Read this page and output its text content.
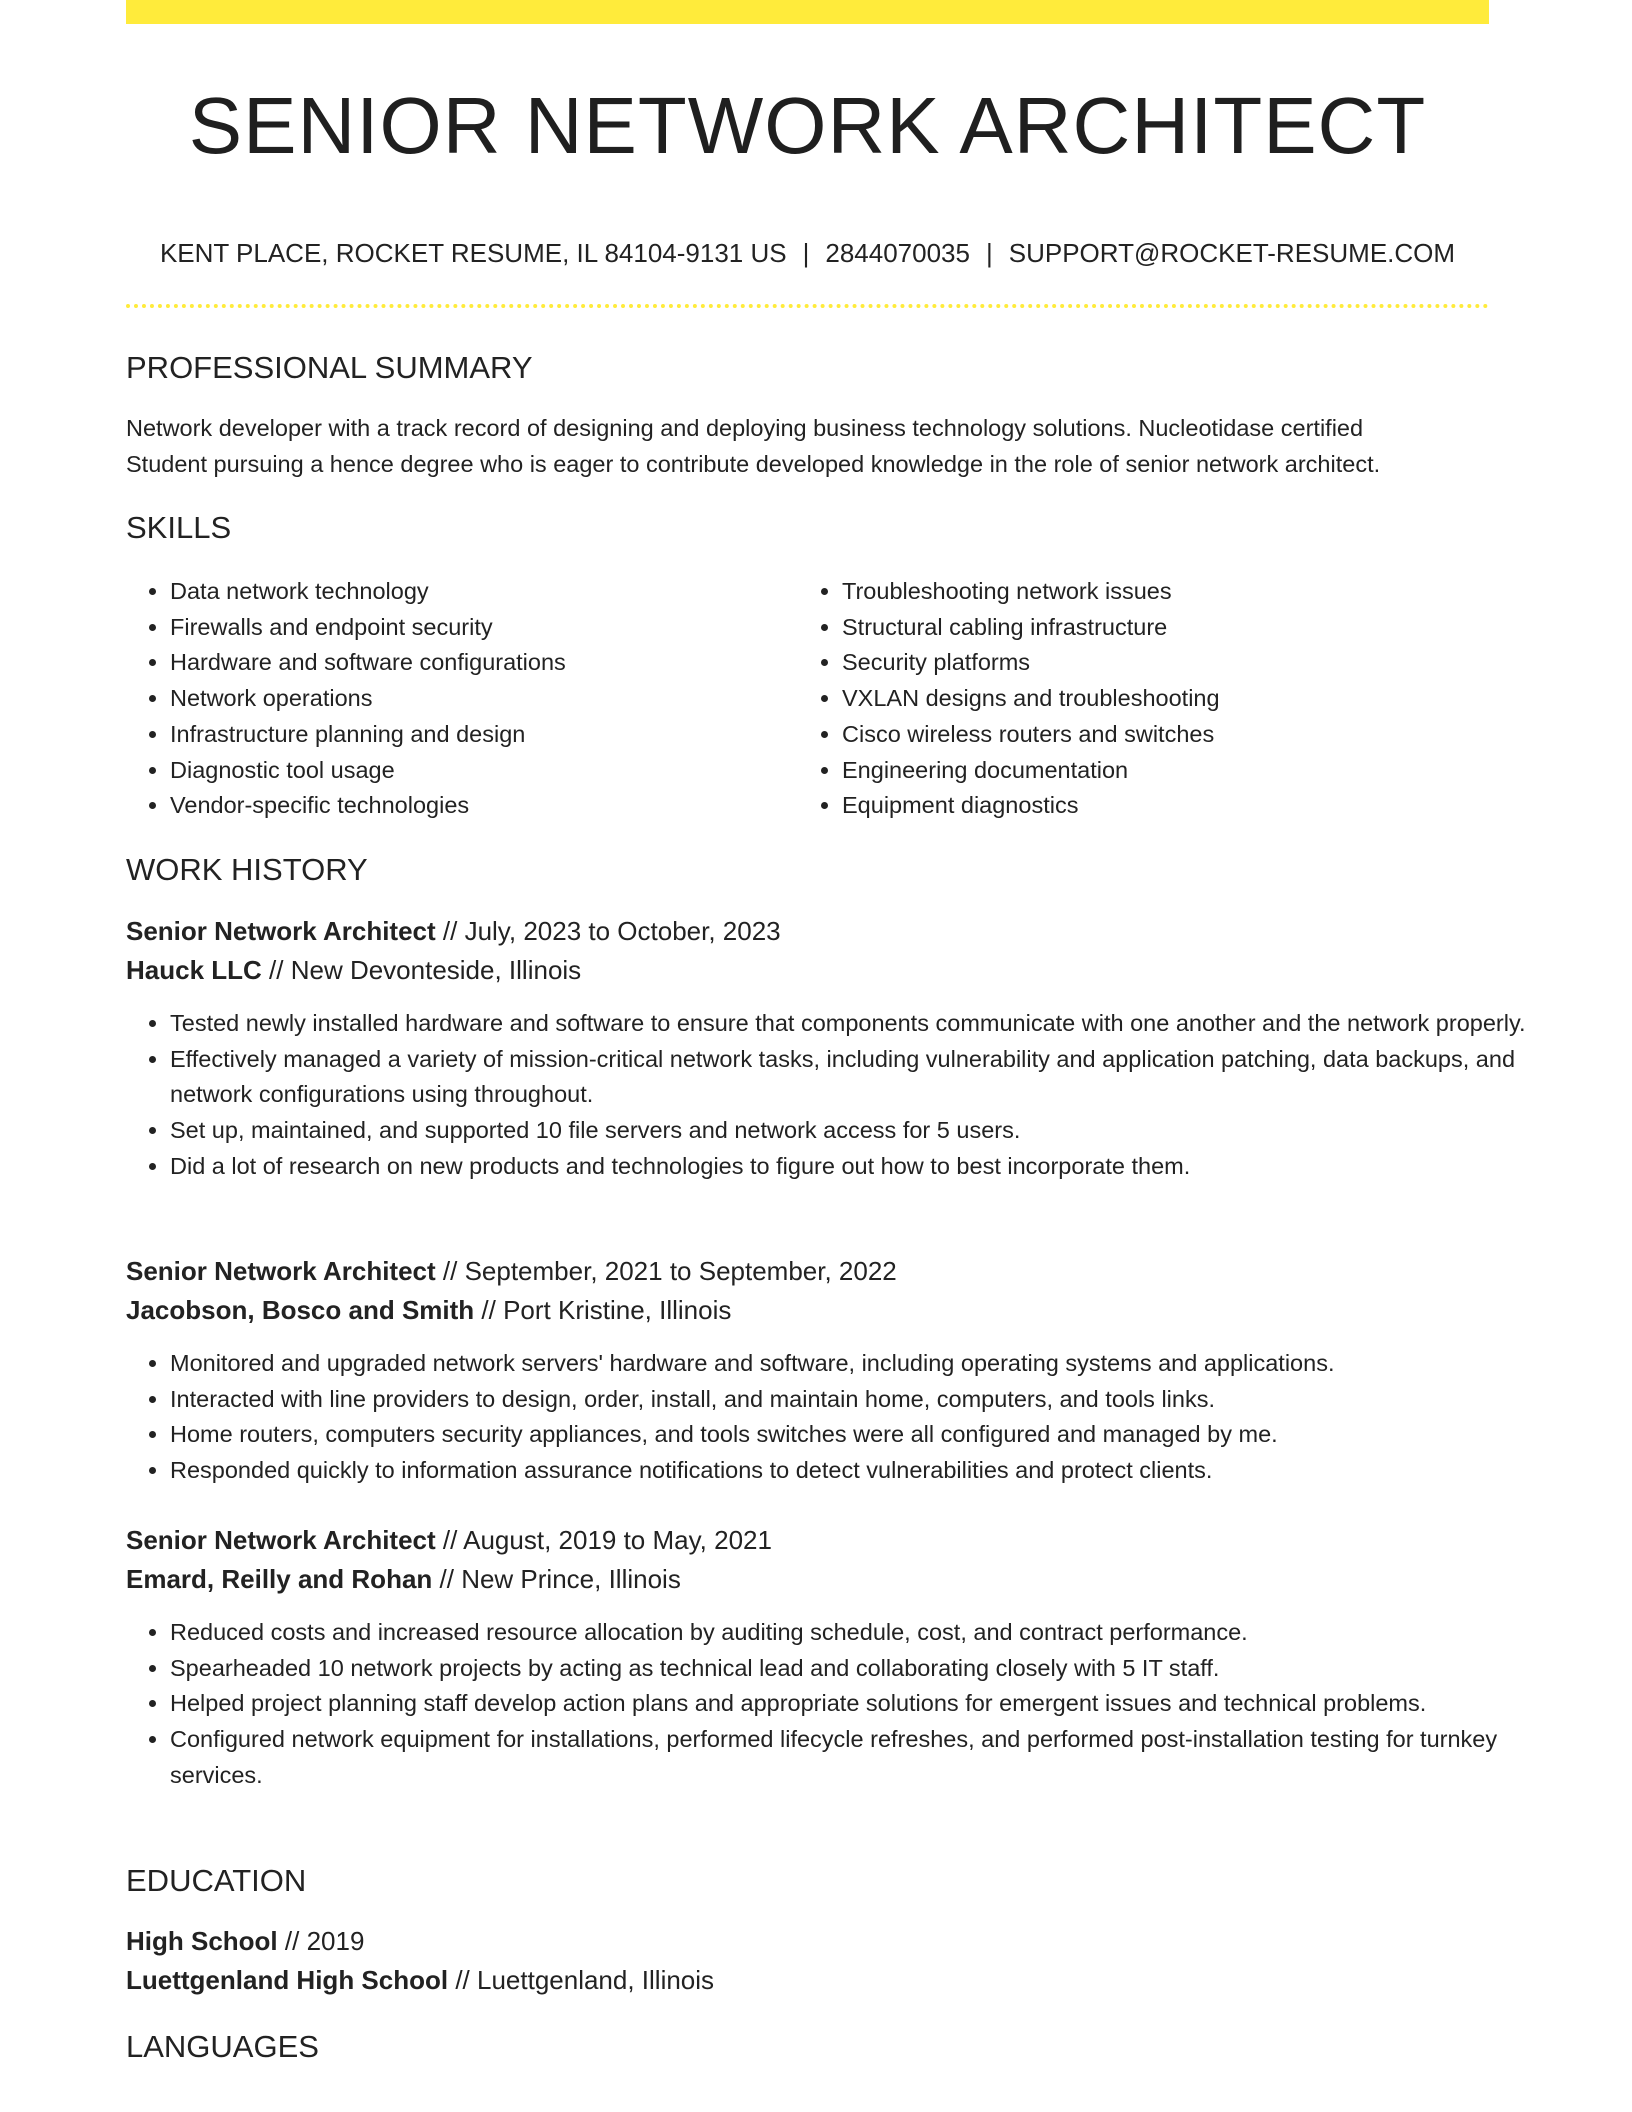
SENIOR NETWORK ARCHITECT
KENT PLACE, ROCKET RESUME, IL 84104-9131 US | 2844070035 | SUPPORT@ROCKET-RESUME.COM
PROFESSIONAL SUMMARY
Network developer with a track record of designing and deploying business technology solutions. Nucleotidase certified
Student pursuing a hence degree who is eager to contribute developed knowledge in the role of senior network architect.
SKILLS
• Data network technology
• Firewalls and endpoint security
• Hardware and software configurations
• Network operations
• Infrastructure planning and design
• Diagnostic tool usage
• Vendor-specific technologies
• Troubleshooting network issues
• Structural cabling infrastructure
• Security platforms
• VXLAN designs and troubleshooting
• Cisco wireless routers and switches
• Engineering documentation
• Equipment diagnostics
WORK HISTORY
Senior Network Architect // July, 2023 to October, 2023
Hauck LLC // New Devonteside, Illinois
• Tested newly installed hardware and software to ensure that components communicate with one another and the network properly.
• Effectively managed a variety of mission-critical network tasks, including vulnerability and application patching, data backups, and network configurations using throughout.
• Set up, maintained, and supported 10 file servers and network access for 5 users.
• Did a lot of research on new products and technologies to figure out how to best incorporate them.
Senior Network Architect // September, 2021 to September, 2022
Jacobson, Bosco and Smith // Port Kristine, Illinois
• Monitored and upgraded network servers' hardware and software, including operating systems and applications.
• Interacted with line providers to design, order, install, and maintain home, computers, and tools links.
• Home routers, computers security appliances, and tools switches were all configured and managed by me.
• Responded quickly to information assurance notifications to detect vulnerabilities and protect clients.
Senior Network Architect // August, 2019 to May, 2021
Emard, Reilly and Rohan // New Prince, Illinois
• Reduced costs and increased resource allocation by auditing schedule, cost, and contract performance.
• Spearheaded 10 network projects by acting as technical lead and collaborating closely with 5 IT staff.
• Helped project planning staff develop action plans and appropriate solutions for emergent issues and technical problems.
• Configured network equipment for installations, performed lifecycle refreshes, and performed post-installation testing for turnkey services.
EDUCATION
High School // 2019
Luettgenland High School // Luettgenland, Illinois
LANGUAGES
